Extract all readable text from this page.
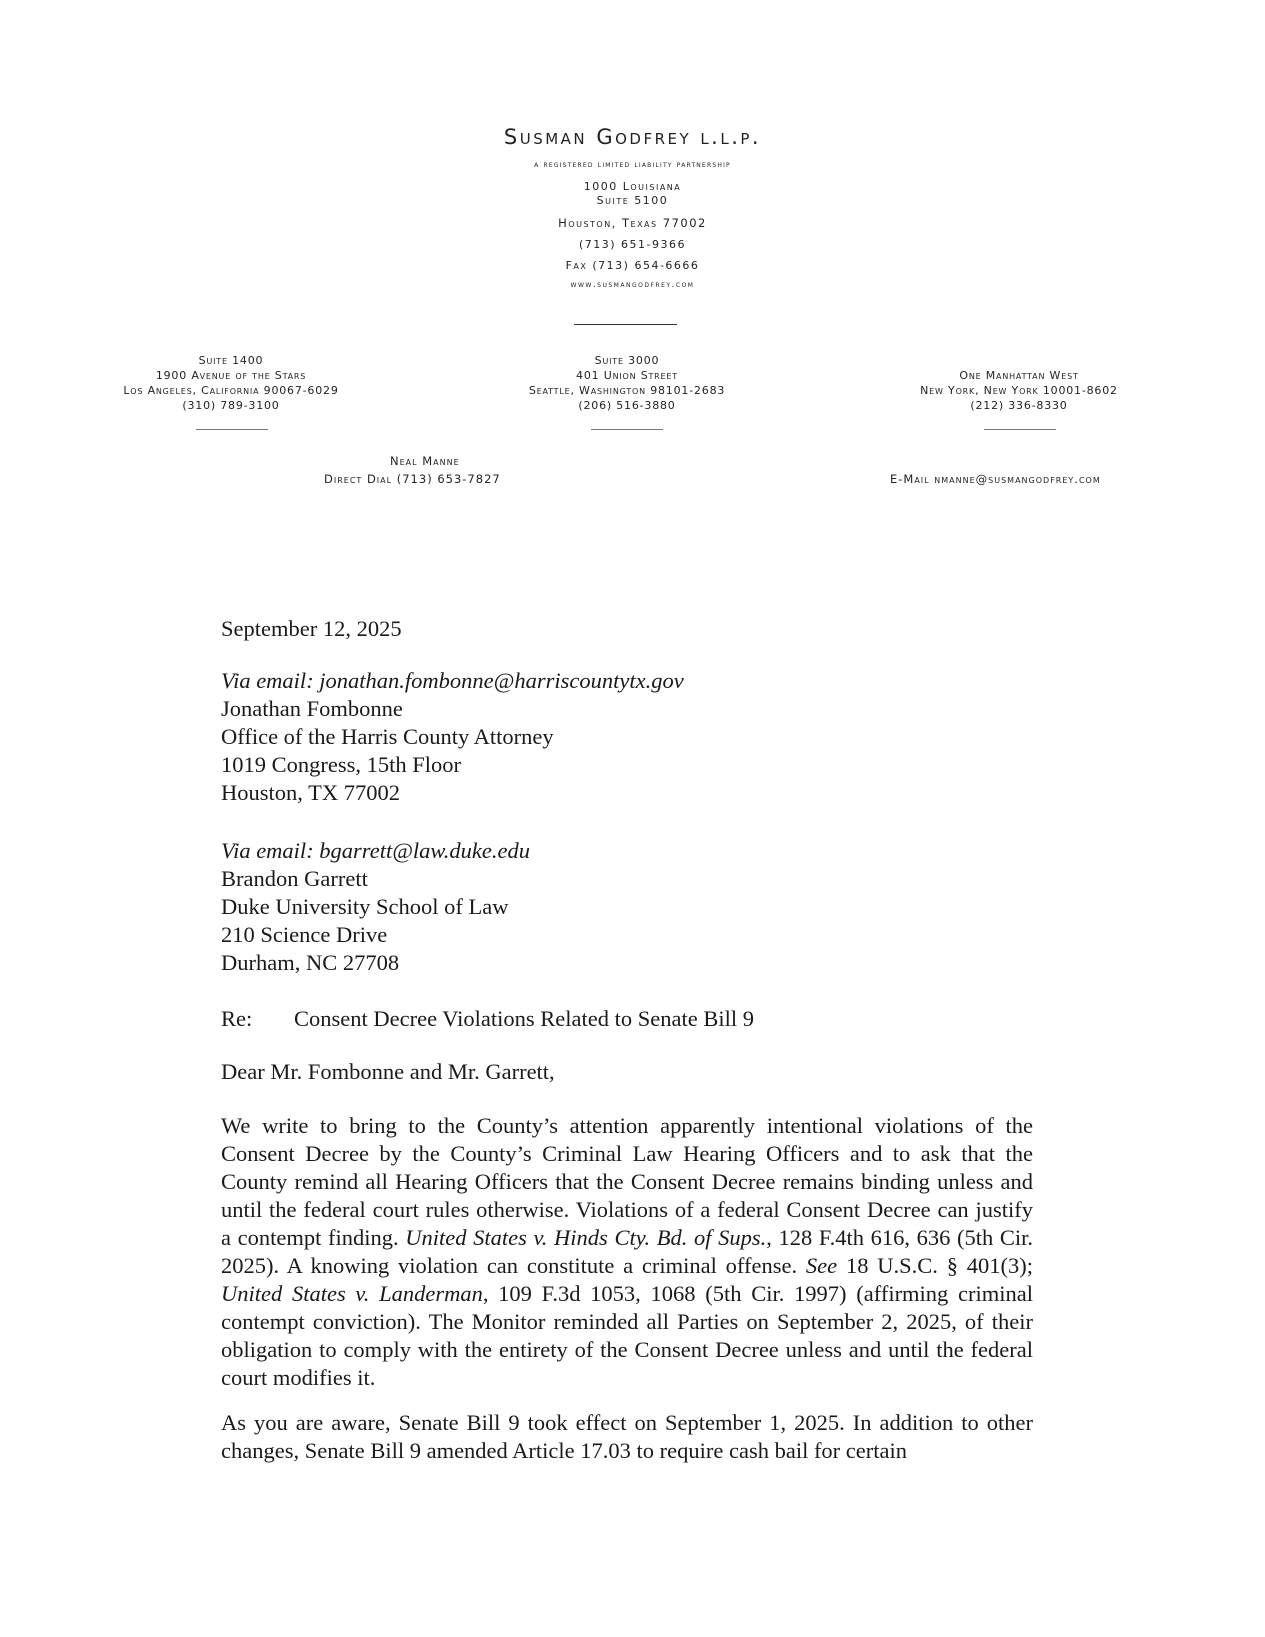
Susman Godfrey l.l.p.
a registered limited liability partnership
1000 Louisiana
Suite 5100
Houston, Texas 77002
(713) 651-9366
Fax (713) 654-6666
www.susmangodfrey.com
Suite 1400
1900 Avenue of the Stars
Los Angeles, California 90067-6029
(310) 789-3100
Suite 3000
401 Union Street
Seattle, Washington 98101-2683
(206) 516-3880
One Manhattan West
New York, New York 10001-8602
(212) 336-8330
Neal Manne
Direct Dial (713) 653-7827	E-Mail nmanne@susmangodfrey.com
September 12, 2025

Via email: jonathan.fombonne@harriscountytx.gov

Jonathan Fombonne

Office of the Harris County Attorney

1019 Congress, 15th Floor

Houston, TX 77002

Via email: bgarrett@law.duke.edu

Brandon Garrett

Duke University School of Law

210 Science Drive

Durham, NC 27708

Re:	Consent Decree Violations Related to Senate Bill 9
Dear Mr. Fombonne and Mr. Garrett,
We write to bring to the County’s attention apparently intentional violations of the Consent Decree by the County’s Criminal Law Hearing Officers and to ask that the County remind all Hearing Officers that the Consent Decree remains binding unless and until the federal court rules otherwise. Violations of a federal Consent Decree can justify a contempt finding. United States v. Hinds Cty. Bd. of Sups., 128 F.4th 616, 636 (5th Cir. 2025). A knowing violation can constitute a criminal offense. See 18 U.S.C. § 401(3); United States v. Landerman, 109 F.3d 1053, 1068 (5th Cir. 1997) (affirming criminal contempt conviction). The Monitor reminded all Parties on September 2, 2025, of their obligation to comply with the entirety of the Consent Decree unless and until the federal court modifies it.
As you are aware, Senate Bill 9 took effect on September 1, 2025. In addition to other changes, Senate Bill 9 amended Article 17.03 to require cash bail for certain
